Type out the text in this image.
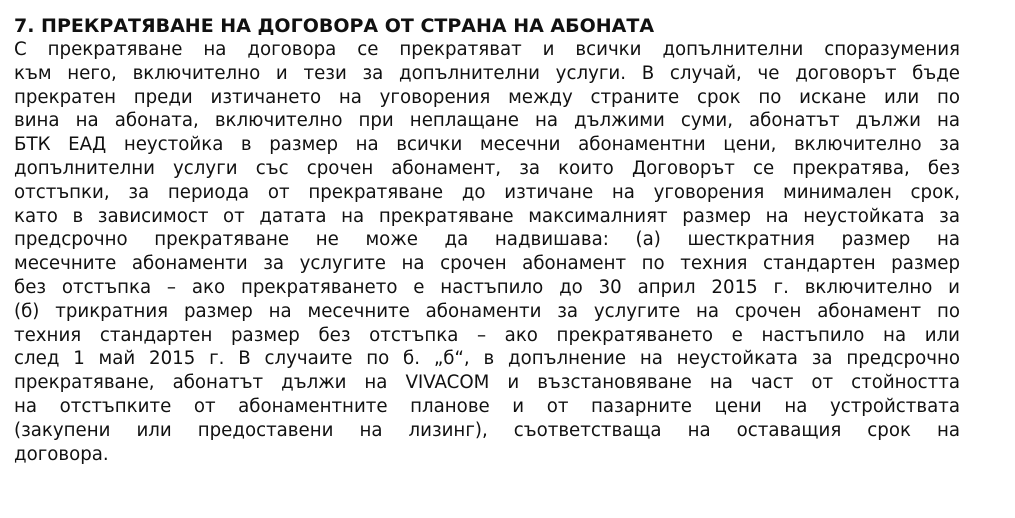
7. ПРЕКРАТЯВАНЕ НА ДОГОВОРА ОТ СТРАНА НА АБОНАТА
С прекратяване на договора се прекратяват и всички допълнителни споразумения
към него, включително и тези за допълнителни услуги. В случай, че договорът бъде
прекратен преди изтичането на уговорения между страните срок по искане или по
вина на абоната, включително при неплащане на дължими суми, абонатът дължи на
БТК ЕАД неустойка в размер на всички месечни абонаментни цени, включително за
допълнителни услуги със срочен абонамент, за които Договорът се прекратява, без
отстъпки, за периода от прекратяване до изтичане на уговорения минимален срок,
като в зависимост от датата на прекратяване максималният размер на неустойката за
предсрочно прекратяване не може да надвишава: (а) шесткратния размер на
месечните абонаменти за услугите на срочен абонамент по техния стандартен размер
без отстъпка – ако прекратяването е настъпило до 30 април 2015 г. включително и
(б) трикратния размер на месечните абонаменти за услугите на срочен абонамент по
техния стандартен размер без отстъпка – ако прекратяването е настъпило на или
след 1 май 2015 г. В случаите по б. „б“, в допълнение на неустойката за предсрочно
прекратяване, абонатът дължи на VIVACOM и възстановяване на част от стойността
на отстъпките от абонаментните планове и от пазарните цени на устройствата
(закупени или предоставени на лизинг), съответстваща на оставащия срок на
договора.
